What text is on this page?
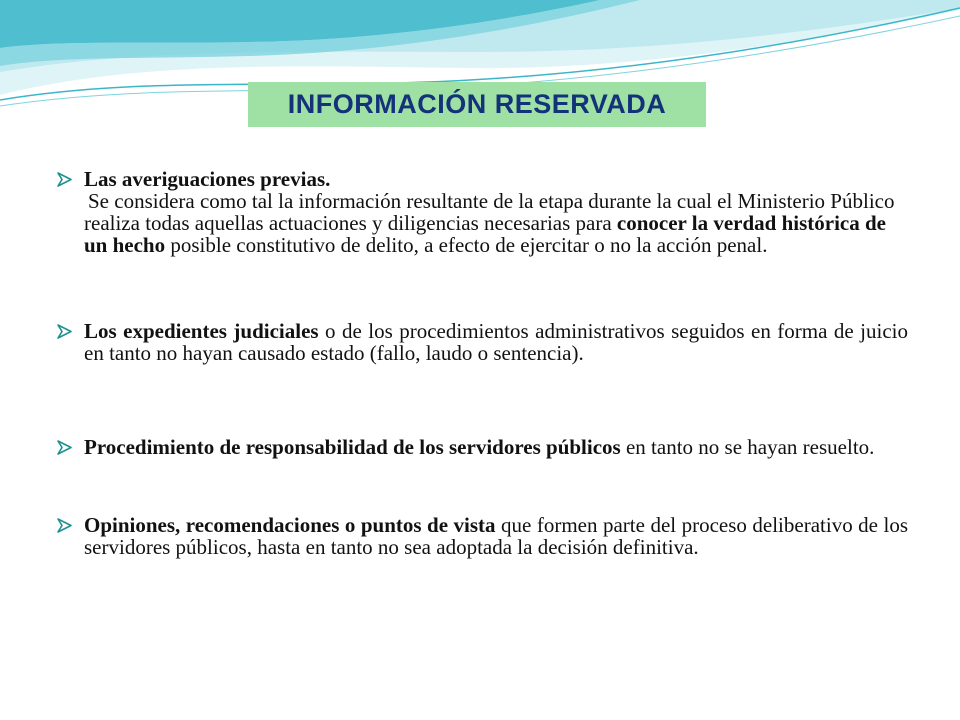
INFORMACIÓN RESERVADA
Las averiguaciones previas.
Se considera como tal la información resultante de la etapa durante la cual el Ministerio Público realiza todas aquellas actuaciones y diligencias necesarias para conocer la verdad histórica de un hecho posible constitutivo de delito, a efecto de ejercitar o no la acción penal.
Los expedientes judiciales o de los procedimientos administrativos seguidos en forma de juicio en tanto no hayan causado estado (fallo, laudo o sentencia).
Procedimiento de responsabilidad de los servidores públicos en tanto no se hayan resuelto.
Opiniones, recomendaciones o puntos de vista que formen parte del proceso deliberativo de los servidores públicos, hasta en tanto no sea adoptada la decisión definitiva.
